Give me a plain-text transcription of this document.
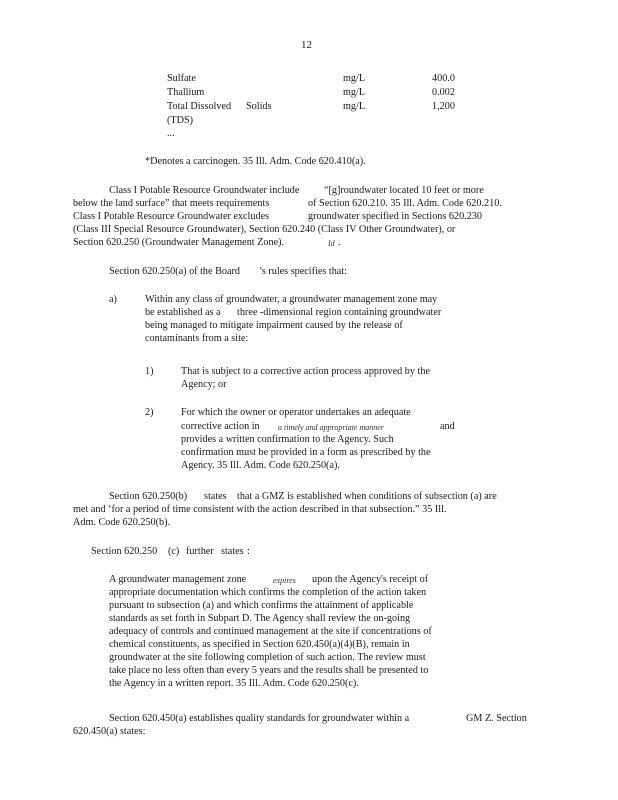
12
Sulfate	mg/L	400.0
Thallium	mg/L	0.002
Total Dissolved Solids	mg/L	1,200
(TDS)
...
*Denotes a carcinogen. 35 Ill. Adm. Code 620.410(a).
Class I Potable Resource Groundwater include “[g]roundwater located 10 feet or more
below the land surface” that meets requirements	of Section 620.210. 35 Ill. Adm. Code 620.210.
Class I Potable Resource Groundwater excludes	groundwater specified in Sections 620.230
(Class III Special Resource Groundwater), Section 620.240 (Class IV Other Groundwater), or
Section 620.250 (Groundwater Management Zone).	Id .
Section 620.250(a) of the Board ’s rules specifies that:
a)	Within any class of groundwater, a groundwater management zone may
be established as a three -dimensional region containing groundwater
being managed to mitigate impairment caused by the release of
contaminants from a site:
1)	That is subject to a corrective action process approved by the
Agency; or
2)	For which the owner or operator undertakes an adequate
corrective action in a timely and appropriate manner	and
provides a written confirmation to the Agency. Such
confirmation must be provided in a form as prescribed by the
Agency. 35 Ill. Adm. Code 620.250(a).
Section 620.250(b) states that a GMZ is established when conditions of subsection (a) are
met and ‘for a period of time consistent with the action described in that subsection.” 35 Ill.
Adm. Code 620.250(b).
Section 620.250 (c) further states :
A groundwater management zone	expires upon the Agency's receipt of
appropriate documentation which confirms the completion of the action taken
pursuant to subsection (a) and which confirms the attainment of applicable
standards as set forth in Subpart D. The Agency shall review the on-going
adequacy of controls and continued management at the site if concentrations of
chemical constituents, as specified in Section 620.450(a)(4)(B), remain in
groundwater at the site following completion of such action. The review must
take place no less often than every 5 years and the results shall be presented to
the Agency in a written report. 35 Ill. Adm. Code 620.250(c).
Section 620.450(a) establishes quality standards for groundwater within a	GM Z. Section
620.450(a) states:
